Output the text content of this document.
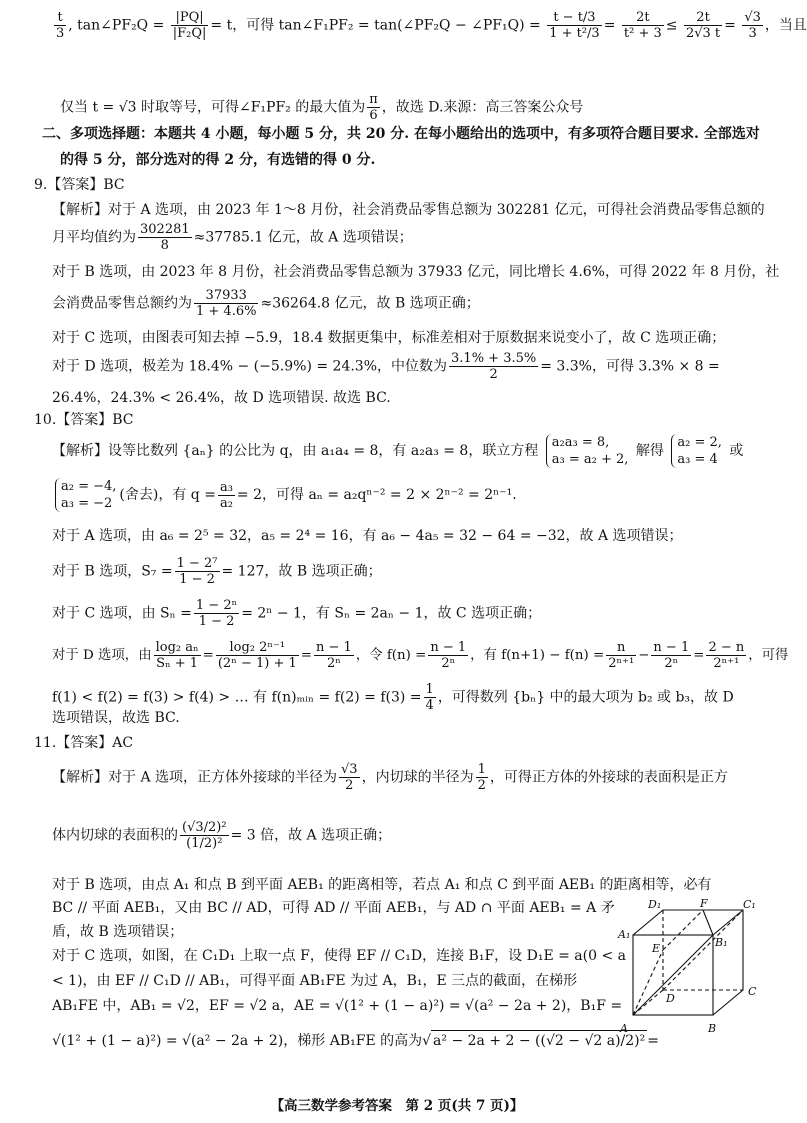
$\frac{t}{3}$ , tan∠PF₂Q = $\frac{|PQ|}{\text{|F₂Q|}} = t$，可得 tan∠F₁PF₂ = tan(∠PF₂Q − ∠PF₁Q) = $\frac{t - t/3}{\text{1 + t²/3}} = \frac{2t}{\text{t² + 3}} \le \frac{2t}{2√3 t} = \frac{√3}{3}$ ，当且
仅当 t = √3 时取等号，可得∠F₁PF₂ 的最大值为 $\frac{\pi}{6}$ ，故选 D.来源：高三答案公众号
二、多项选择题：本题共 4 小题，每小题 5 分，共 20 分. 在每小题给出的选项中，有多项符合题目要求. 全部选对
的得 5 分，部分选对的得 2 分，有选错的得 0 分.
9.【答案】BC
【解析】对于 A 选项，由 2023 年 1～8 月份，社会消费品零售总额为 302281 亿元，可得社会消费品零售总额的
月平均值约为 $\frac{302281}{8} \approx 37785.1$ 亿元，故 A 选项错误；
对于 B 选项，由 2023 年 8 月份，社会消费品零售总额为 37933 亿元，同比增长 4.6%，可得 2022 年 8 月份，社
会消费品零售总额约为 $\frac{37933}{1 + 4.6\%} \approx 36264.8$ 亿元，故 B 选项正确；
对于 C 选项，由图表可知去掉 −5.9，18.4 数据更集中，标准差相对于原数据来说变小了，故 C 选项正确；
对于 D 选项，极差为 18.4% − (−5.9%) = 24.3%，中位数为 $\frac{3.1\% + 3.5\%}{2} = 3.3\%$，可得 3.3% × 8 =
26.4%，24.3% < 26.4%，故 D 选项错误. 故选 BC.
10.【答案】BC
【解析】设等比数列 {aₙ} 的公比为 q，由 a₁a₄ = 8，有 a₂a₃ = 8，联立方程
a₂a₃ = 8,
a₃ = a₂ + 2,
解得
a₂ = 2,
a₃ = 4
或
a₂ = −4,
a₃ = −2
(舍去)，有 $q = \frac{\text{a₃}}{\text{a₂}} = 2$，可得 aₙ = a₂qⁿ⁻² = 2 × 2ⁿ⁻² = 2ⁿ⁻¹.
对于 A 选项，由 a₆ = 2⁵ = 32，a₅ = 2⁴ = 16，有 a₆ − 4a₅ = 32 − 64 = −32，故 A 选项错误；
对于 B 选项，$S_7 = \frac{\text{1 − 2⁷}}{1 - 2} = 127$，故 B 选项正确；
对于 C 选项，由 $S_n = \frac{\text{1 − 2ⁿ}}{1 - 2} = 2^n - 1$，有 Sₙ = 2aₙ − 1，故 C 选项正确；
对于 D 选项，由 $\frac{\text{log₂ aₙ}}{\text{Sₙ + 1}} = \frac{\text{log₂ 2ⁿ⁻¹}}{\text{(2ⁿ − 1) + 1}} = \frac{n - 1}{\text{2ⁿ}}$ ，令 $f(n) = \frac{n - 1}{\text{2ⁿ}}$ ，有 $f(n+1) - f(n) = \frac{n}{\text{2ⁿ⁺¹}} - \frac{n - 1}{\text{2ⁿ}} = \frac{2 - n}{\text{2ⁿ⁺¹}}$ ，可得
f(1) < f(2) = f(3) > f(4) > … 有 f(n)ₘᵢₙ = $f(2) = f(3) = \frac{1}{4}$ ，可得数列 {bₙ} 中的最大项为 b₂ 或 b₃，故 D
选项错误，故选 BC.
11.【答案】AC
【解析】对于 A 选项，正方体外接球的半径为 $\frac{√3}{2}$ ，内切球的半径为 $\frac{1}{2}$ ，可得正方体的外接球的表面积是正方
体内切球的表面积的 $\frac{\text{(√3/2)²}}{\text{(1/2)²}} = 3$ 倍，故 A 选项正确；
对于 B 选项，由点 A₁ 和点 B 到平面 AEB₁ 的距离相等，若点 A₁ 和点 C 到平面 AEB₁ 的距离相等，必有
BC // 平面 AEB₁，又由 BC // AD，可得 AD // 平面 AEB₁，与 AD ∩ 平面 AEB₁ = A 矛
盾，故 B 选项错误；
对于 C 选项，如图，在 C₁D₁ 上取一点 F，使得 EF // C₁D，连接 B₁F，设 D₁E = a(0 < a
< 1)，由 EF // C₁D // AB₁，可得平面 AB₁FE 为过 A，B₁，E 三点的截面，在梯形
AB₁FE 中，AB₁ = √2，EF = √2 a，AE = √(1² + (1 − a)²) = √(a² − 2a + 2)，B₁F =
√(1² + (1 − a)²) = √(a² − 2a + 2)，梯形 AB₁FE 的高为√ a² − 2a + 2 − ((√2 − √2 a)/2)² =
A	B
C
D
A₁
B₁
C₁
D₁
E
F
【高三数学参考答案　第 2 页(共 7 页)】
